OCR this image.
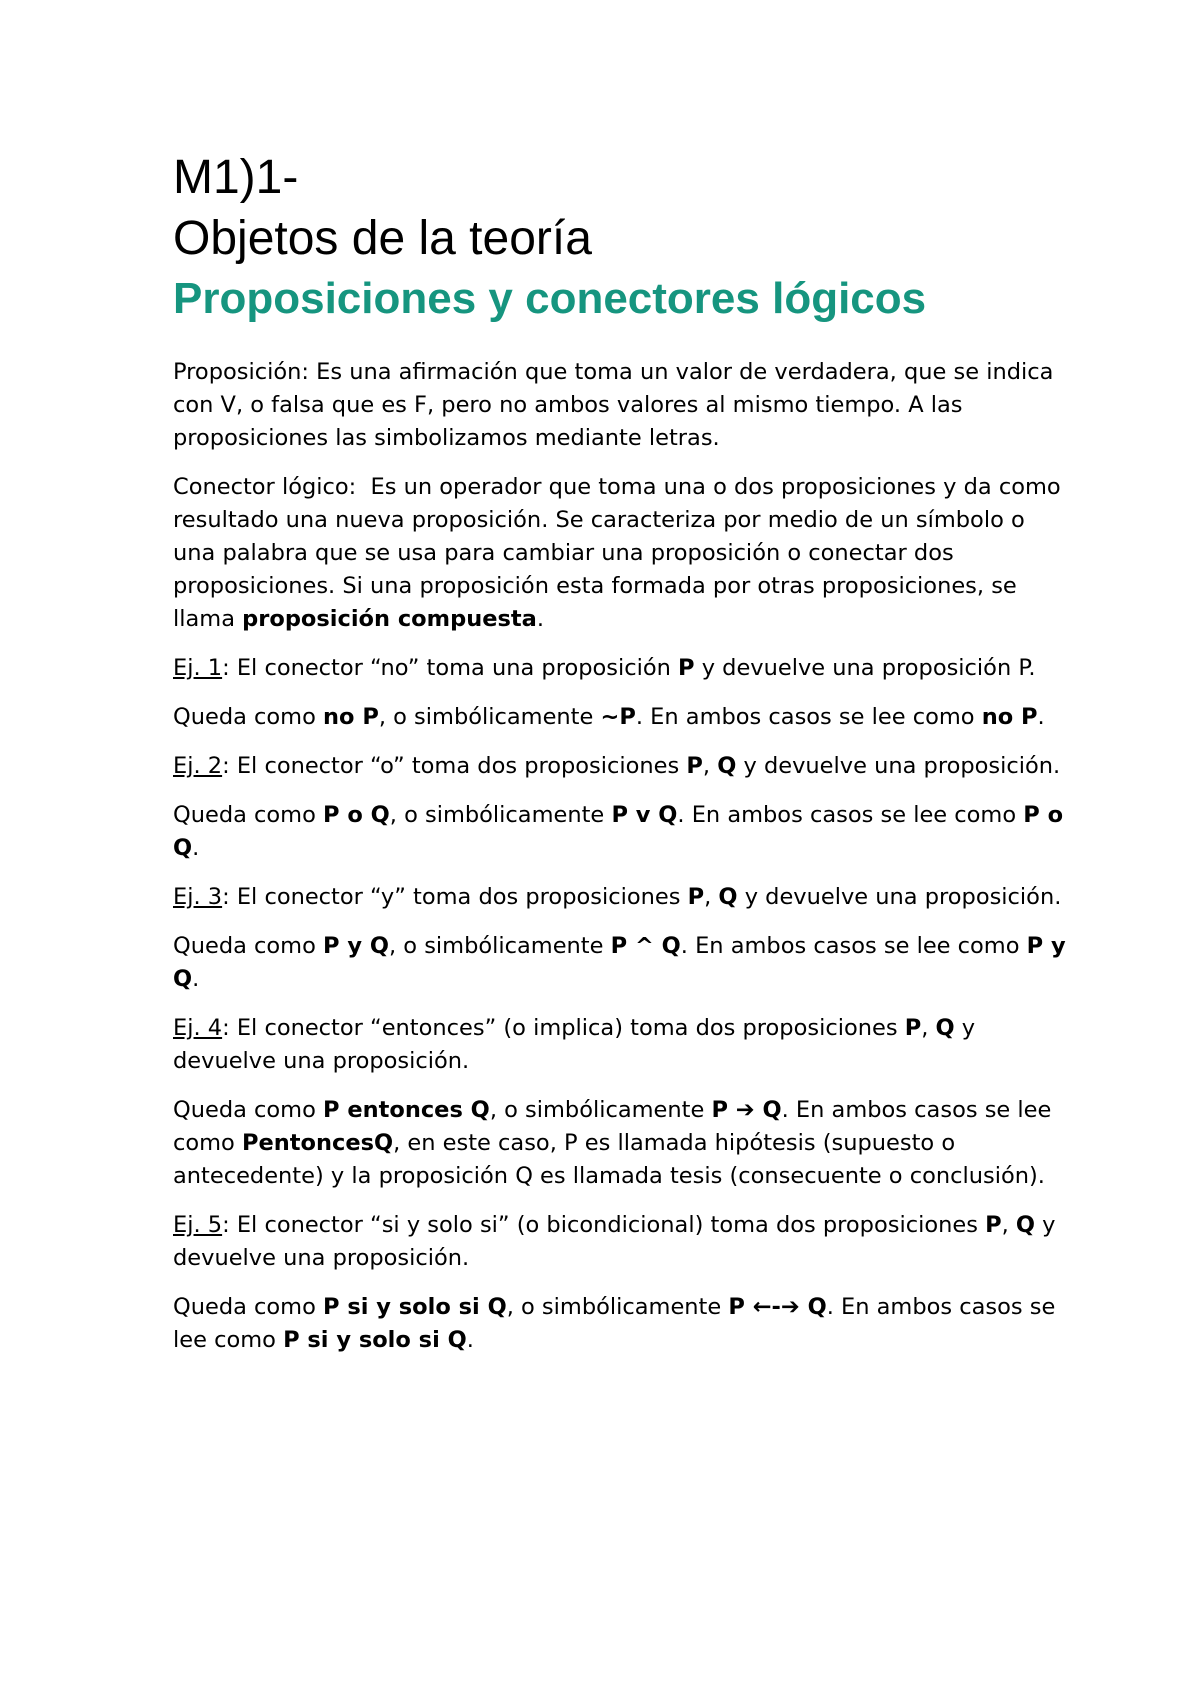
M1)1-
Objetos de la teoría
Proposiciones y conectores lógicos

Proposición: Es una afirmación que toma un valor de verdadera, que se indica con V, o falsa que es F, pero no ambos valores al mismo tiempo. A las proposiciones las simbolizamos mediante letras.

Conector lógico:  Es un operador que toma una o dos proposiciones y da como resultado una nueva proposición. Se caracteriza por medio de un símbolo o una palabra que se usa para cambiar una proposición o conectar dos proposiciones. Si una proposición esta formada por otras proposiciones, se llama proposición compuesta.

Ej. 1: El conector “no” toma una proposición P y devuelve una proposición P.

Queda como no P, o simbólicamente ~P. En ambos casos se lee como no P.

Ej. 2: El conector “o” toma dos proposiciones P, Q y devuelve una proposición.

Queda como P o Q, o simbólicamente P v Q. En ambos casos se lee como P o Q.

Ej. 3: El conector “y” toma dos proposiciones P, Q y devuelve una proposición.

Queda como P y Q, o simbólicamente P ^ Q. En ambos casos se lee como P y Q.

Ej. 4: El conector “entonces” (o implica) toma dos proposiciones P, Q y devuelve una proposición.

Queda como P entonces Q, o simbólicamente P ➔ Q. En ambos casos se lee como PentoncesQ, en este caso, P es llamada hipótesis (supuesto o antecedente) y la proposición Q es llamada tesis (consecuente o conclusión).

Ej. 5: El conector “si y solo si” (o bicondicional) toma dos proposiciones P, Q y devuelve una proposición.

Queda como P si y solo si Q, o simbólicamente P ←-➔ Q. En ambos casos se lee como P si y solo si Q.
